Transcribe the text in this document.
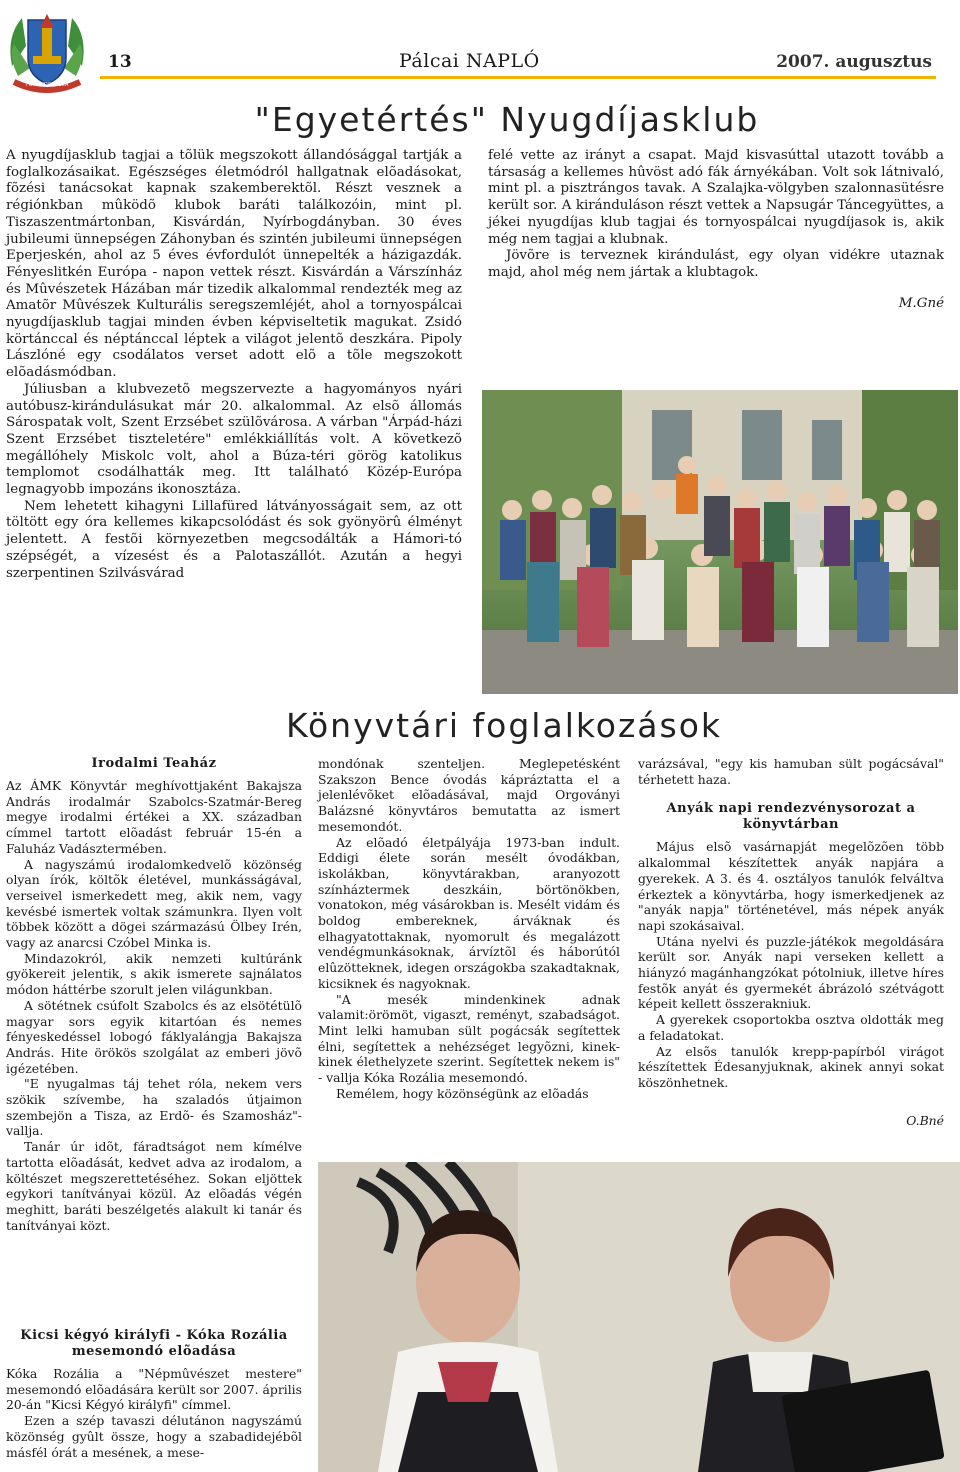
TORNYOSPÁLCA
13	Pálcai NAPLÓ	2007. augusztus
"Egyetértés" Nyugdíjasklub

A nyugdíjasklub tagjai a tõlük megszokott állandósággal tartják a foglalkozásaikat. Egészséges életmódról hallgatnak elõadásokat, fõzési tanácsokat kapnak szakemberektõl. Részt vesznek a régiónkban mûködõ klubok baráti találkozóin, mint pl. Tiszaszentmártonban, Kisvárdán, Nyírbogdányban. 30 éves jubileumi ünnepségen Záhonyban és szintén jubileumi ünnepségen Eperjeskén, ahol az 5 éves évfordulót ünnepelték a házigazdák. Fényeslitkén Európa - napon vettek részt. Kisvárdán a Várszínház és Mûvészetek Házában már tizedik alkalommal rendezték meg az Amatõr Mûvészek Kulturális seregszemléjét, ahol a tornyospálcai nyugdíjasklub tagjai minden évben képviseltetik magukat. Zsidó körtánccal és néptánccal léptek a világot jelentõ deszkára. Pipoly Lászlóné egy csodálatos verset adott elõ a tõle megszokott elõadásmódban.

Júliusban a klubvezetõ megszervezte a hagyományos nyári autóbusz-kirándulásukat már 20. alkalommal. Az elsõ állomás Sárospatak volt, Szent Erzsébet szülõvárosa. A várban "Árpád-házi Szent Erzsébet tiszteletére" emlékkiállítás volt. A következõ megállóhely Miskolc volt, ahol a Búza-téri görög katolikus templomot csodálhatták meg. Itt található Közép-Európa legnagyobb impozáns ikonosztáza.

Nem lehetett kihagyni Lillafüred látványosságait sem, az ott töltött egy óra kellemes kikapcsolódást és sok gyönyörû élményt jelentett. A festõi környezetben megcsodálták a Hámori-tó szépségét, a vízesést és a Palotaszállót. Azután a hegyi szerpentinen Szilvásvárad

felé vette az irányt a csapat. Majd kisvasúttal utazott tovább a társaság a kellemes hûvöst adó fák árnyékában. Volt sok látnivaló, mint pl. a pisztrángos tavak. A Szalajka-völgyben szalonnasütésre került sor. A kiránduláson részt vettek a Napsugár Táncegyüttes, a jékei nyugdíjas klub tagjai és tornyospálcai nyugdíjasok is, akik még nem tagjai a klubnak.

Jövõre is terveznek kirándulást, egy olyan vidékre utaznak majd, ahol még nem jártak a klubtagok.

M.Gné
Könyvtári foglalkozások
Irodalmi Teaház

Az ÁMK Könyvtár meghívottjaként Bakajsza András irodalmár Szabolcs-Szatmár-Bereg megye irodalmi értékei a XX. században címmel tartott elõadást február 15-én a Faluház Vadásztermében.

A nagyszámú irodalomkedvelõ közönség olyan írók, költõk életével, munkásságával, verseivel ismerkedett meg, akik nem, vagy kevésbé ismertek voltak számunkra. Ilyen volt többek között a dögei származású Ölbey Irén, vagy az anarcsi Czóbel Minka is.

Mindazokról, akik nemzeti kultúránk gyökereit jelentik, s akik ismerete sajnálatos módon háttérbe szorult jelen világunkban.

A sötétnek csúfolt Szabolcs és az elsötétülõ magyar sors egyik kitartóan és nemes fényeskedéssel lobogó fáklyalángja Bakajsza András. Hite örökös szolgálat az emberi jövõ igézetében.

"E nyugalmas táj tehet róla, nekem vers szökik szívembe, ha szaladós útjaimon szembejön a Tisza, az Erdõ- és Szamosház"- vallja.

Tanár úr idõt, fáradtságot nem kímélve tartotta elõadását, kedvet adva az irodalom, a költészet megszerettetéséhez. Sokan eljöttek egykori tanítványai közül. Az elõadás végén meghitt, baráti beszélgetés alakult ki tanár és tanítványai közt.

Kicsi kégyó királyfi - Kóka Rozália mesemondó elõadása

Kóka Rozália a "Népmûvészet mestere" mesemondó elõadására került sor 2007. április 20-án "Kicsi Kégyó királyfi" címmel.

Ezen a szép tavaszi délutánon nagyszámú közönség gyûlt össze, hogy a szabadidejébõl másfél órát a mesének, a mese-

mondónak szenteljen. Meglepetésként Szakszon Bence óvodás kápráztatta el a jelenlévõket elõadásával, majd Orgoványi Balázsné könyvtáros bemutatta az ismert mesemondót.

Az elõadó életpályája 1973-ban indult. Eddigi élete során mesélt óvodákban, iskolákban, könyvtárakban, aranyozott színháztermek deszkáin, börtönökben, vonatokon, még vásárokban is. Mesélt vidám és boldog embereknek, árváknak és elhagyatottaknak, nyomorult és megalázott vendégmunkásoknak, árvíztõl és háborútól elûzötteknek, idegen országokba szakadtaknak, kicsiknek és nagyoknak.

"A mesék mindenkinek adnak valamit:örömöt, vigaszt, reményt, szabadságot. Mint lelki hamuban sült pogácsák segítettek élni, segítettek a nehézséget legyõzni, kinek-kinek élethelyzete szerint. Segítettek nekem is" - vallja Kóka Rozália mesemondó.

Remélem, hogy közönségünk az elõadás

varázsával, "egy kis hamuban sült pogácsával" térhetett haza.

Anyák napi rendezvénysorozat a könyvtárban

Május elsõ vasárnapját megelõzõen több alkalommal készítettek anyák napjára a gyerekek. A 3. és 4. osztályos tanulók felváltva érkeztek a könyvtárba, hogy ismerkedjenek az "anyák napja" történetével, más népek anyák napi szokásaival.

Utána nyelvi és puzzle-játékok megoldására került sor. Anyák napi verseken kellett a hiányzó magánhangzókat pótolniuk, illetve híres festõk anyát és gyermekét ábrázoló szétvágott képeit kellett összerakniuk.

A gyerekek csoportokba osztva oldották meg a feladatokat.

Az elsõs tanulók krepp-papírból virágot készítettek Édesanyjuknak, akinek annyi sokat köszönhetnek.

O.Bné
